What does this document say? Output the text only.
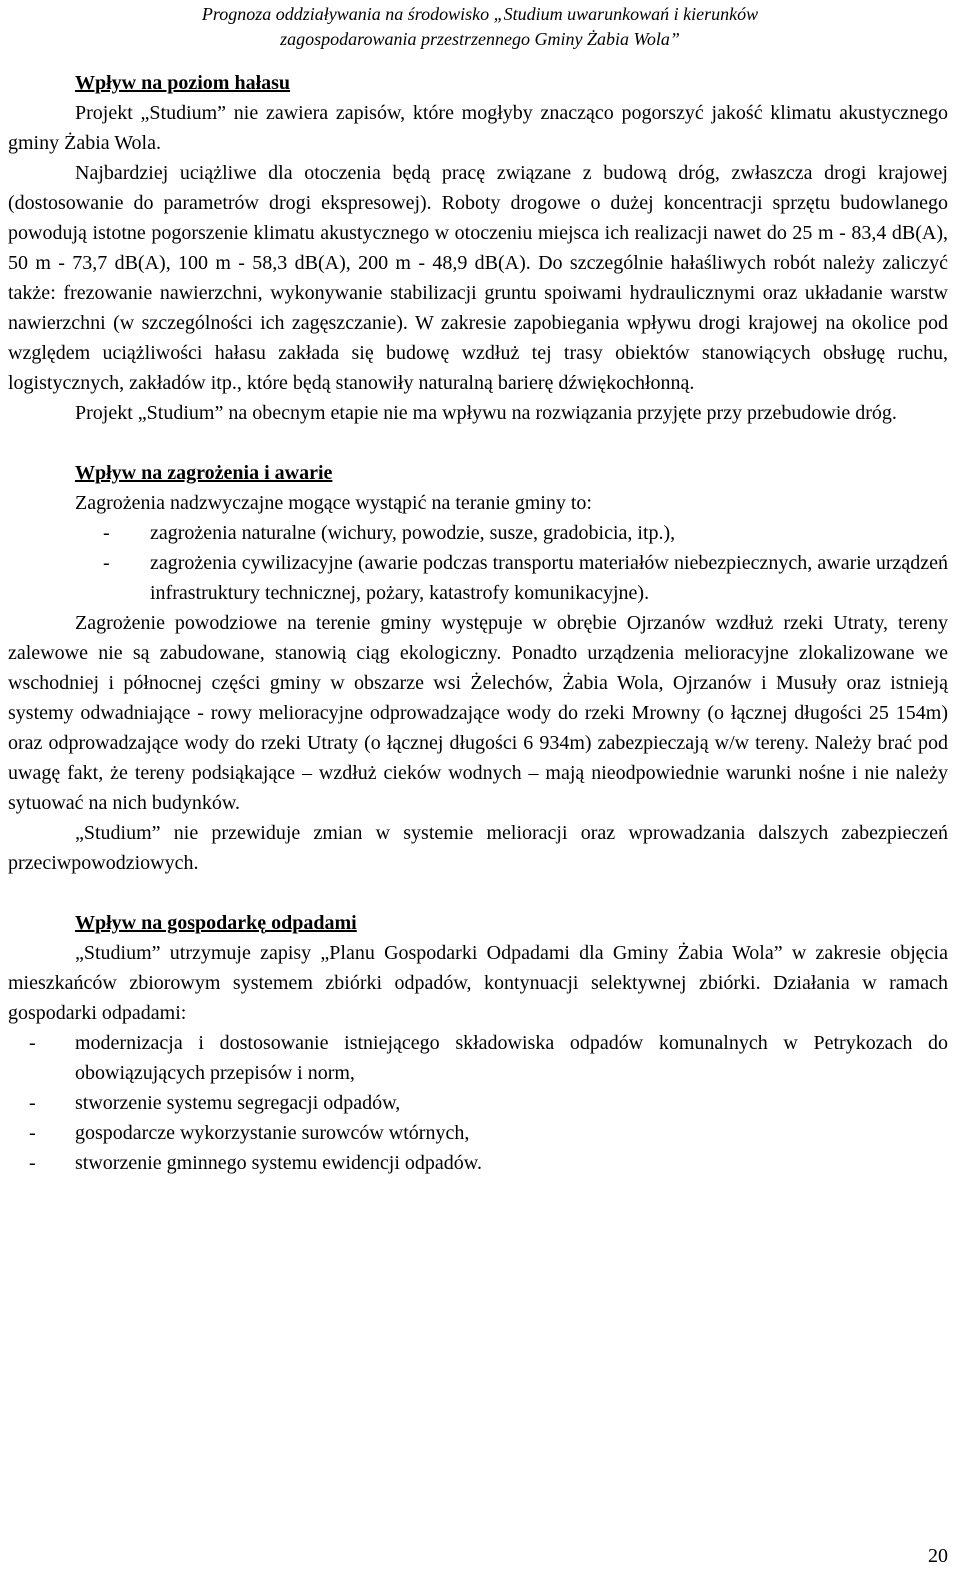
Prognoza oddziaływania na środowisko „Studium uwarunkowań i kierunków
zagospodarowania przestrzennego Gminy Żabia Wola”
Wpływ na poziom hałasu
Projekt „Studium” nie zawiera zapisów, które mogłyby znacząco pogorszyć jakość klimatu akustycznego gminy Żabia Wola.
Najbardziej uciążliwe dla otoczenia będą pracę związane z budową dróg, zwłaszcza drogi krajowej (dostosowanie do parametrów drogi ekspresowej). Roboty drogowe o dużej koncentracji sprzętu budowlanego powodują istotne pogorszenie klimatu akustycznego w otoczeniu miejsca ich realizacji nawet do 25 m - 83,4 dB(A), 50 m - 73,7 dB(A), 100 m - 58,3 dB(A), 200 m - 48,9 dB(A). Do szczególnie hałaśliwych robót należy zaliczyć także: frezowanie nawierzchni, wykonywanie stabilizacji gruntu spoiwami hydraulicznymi oraz układanie warstw nawierzchni (w szczególności ich zagęszczanie). W zakresie zapobiegania wpływu drogi krajowej na okolice pod względem uciążliwości hałasu zakłada się budowę wzdłuż tej trasy obiektów stanowiących obsługę ruchu, logistycznych, zakładów itp., które będą stanowiły naturalną barierę dźwiękochłonną.
Projekt „Studium” na obecnym etapie nie ma wpływu na rozwiązania przyjęte przy przebudowie dróg.
Wpływ na zagrożenia i awarie
Zagrożenia nadzwyczajne mogące wystąpić na teranie gminy to:
- zagrożenia naturalne (wichury, powodzie, susze, gradobicia, itp.),
- zagrożenia cywilizacyjne (awarie podczas transportu materiałów niebezpiecznych, awarie urządzeń infrastruktury technicznej, pożary, katastrofy komunikacyjne).
Zagrożenie powodziowe na terenie gminy występuje w obrębie Ojrzanów wzdłuż rzeki Utraty, tereny zalewowe nie są zabudowane, stanowią ciąg ekologiczny. Ponadto urządzenia melioracyjne zlokalizowane we wschodniej i północnej części gminy w obszarze wsi Żelechów, Żabia Wola, Ojrzanów i Musuły oraz istnieją systemy odwadniające - rowy melioracyjne odprowadzające wody do rzeki Mrowny (o łącznej długości 25 154m) oraz odprowadzające wody do rzeki Utraty (o łącznej długości 6 934m) zabezpieczają w/w tereny. Należy brać pod uwagę fakt, że tereny podsiąkające – wzdłuż cieków wodnych – mają nieodpowiednie warunki nośne i nie należy sytuować na nich budynków.
„Studium” nie przewiduje zmian w systemie melioracji oraz wprowadzania dalszych zabezpieczeń przeciwpowodziowych.
Wpływ na gospodarkę odpadami
„Studium” utrzymuje zapisy „Planu Gospodarki Odpadami dla Gminy Żabia Wola” w zakresie objęcia mieszkańców zbiorowym systemem zbiórki odpadów, kontynuacji selektywnej zbiórki. Działania w ramach gospodarki odpadami:
- modernizacja i dostosowanie istniejącego składowiska odpadów komunalnych w Petrykozach do obowiązujących przepisów i norm,
- stworzenie systemu segregacji odpadów,
- gospodarcze wykorzystanie surowców wtórnych,
- stworzenie gminnego systemu ewidencji odpadów.
20
